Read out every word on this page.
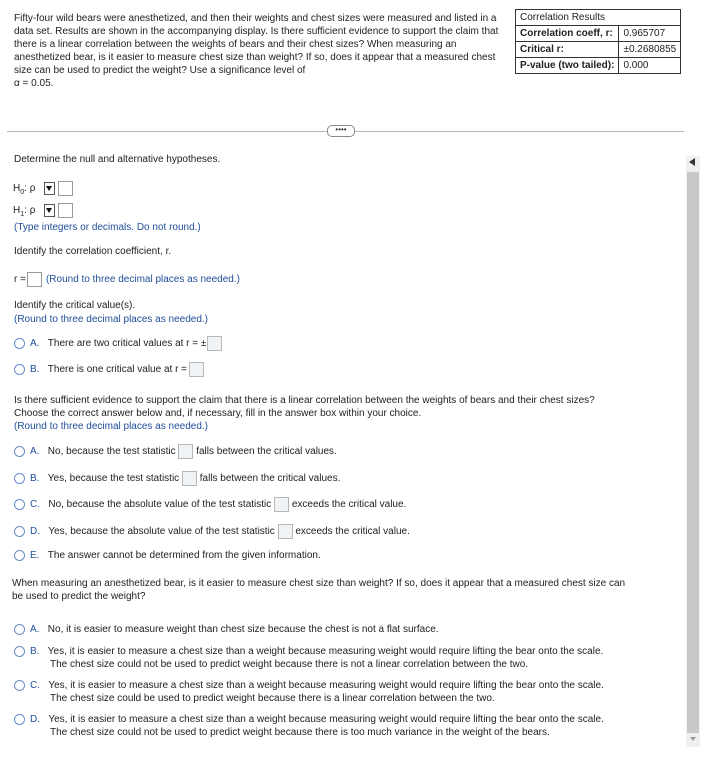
Fifty-four wild bears were anesthetized, and then their weights and chest sizes were measured and listed in a data set. Results are shown in the accompanying display. Is there sufficient evidence to support the claim that there is a linear correlation between the weights of bears and their chest sizes? When measuring an anesthetized bear, is it easier to measure chest size than weight? If so, does it appear that a measured chest size can be used to predict the weight? Use a significance level of
α = 0.05.
Correlation Results	
Correlation coeff, r:	0.965707
Critical r:	±0.2680855
P-value (two tailed):	0.000
••••
Determine the null and alternative hypotheses.
$H_0$: ρ
$H_1$: ρ
(Type integers or decimals. Do not round.)
Identify the correlation coefficient, r.
r = (Round to three decimal places as needed.)
Identify the critical value(s).
(Round to three decimal places as needed.)
A. There are two critical values at r = ±
B. There is one critical value at r =
Is there sufficient evidence to support the claim that there is a linear correlation between the weights of bears and their chest sizes?
Choose the correct answer below and, if necessary, fill in the answer box within your choice.
(Round to three decimal places as needed.)
A. No, because the test statistic falls between the critical values.
B. Yes, because the test statistic falls between the critical values.
C. No, because the absolute value of the test statistic exceeds the critical value.
D. Yes, because the absolute value of the test statistic exceeds the critical value.
E. The answer cannot be determined from the given information.
When measuring an anesthetized bear, is it easier to measure chest size than weight? If so, does it appear that a measured chest size can
be used to predict the weight?
A. No, it is easier to measure weight than chest size because the chest is not a flat surface.
B. Yes, it is easier to measure a chest size than a weight because measuring weight would require lifting the bear onto the scale.
The chest size could not be used to predict weight because there is not a linear correlation between the two.
C. Yes, it is easier to measure a chest size than a weight because measuring weight would require lifting the bear onto the scale.
The chest size could be used to predict weight because there is a linear correlation between the two.
D. Yes, it is easier to measure a chest size than a weight because measuring weight would require lifting the bear onto the scale.
The chest size could not be used to predict weight because there is too much variance in the weight of the bears.
